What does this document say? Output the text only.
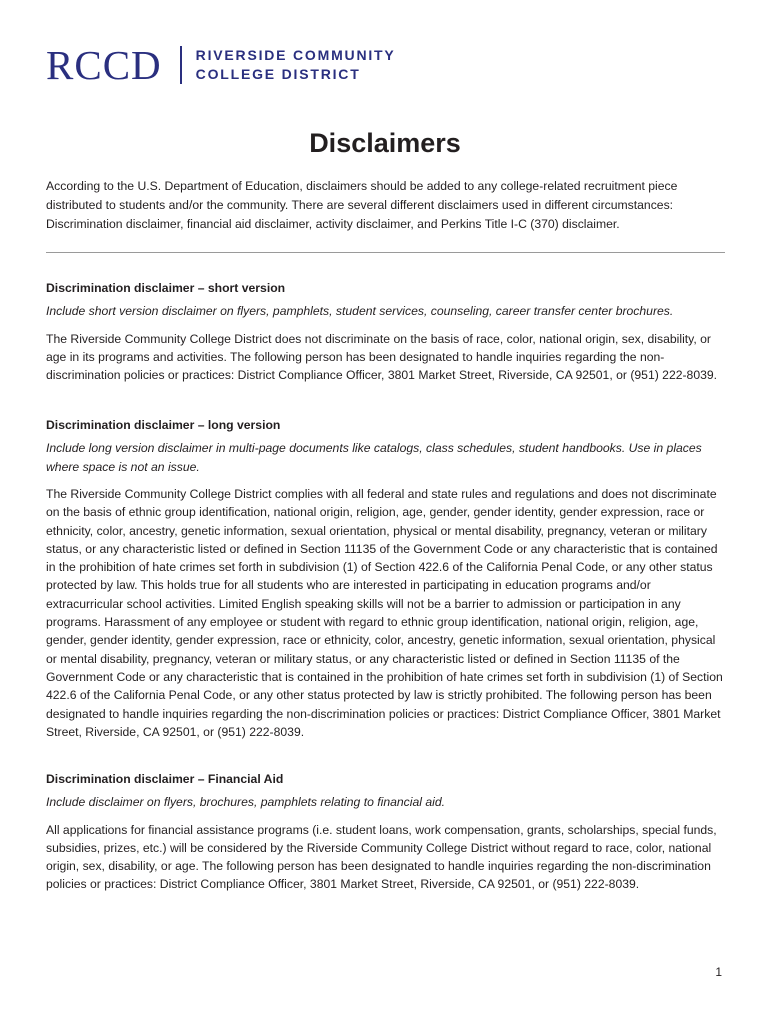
RCCD RIVERSIDE COMMUNITY
COLLEGE DISTRICT
Disclaimers

According to the U.S. Department of Education, disclaimers should be added to any college-related recruitment piece distributed to students and/or the community. There are several different disclaimers used in different circumstances: Discrimination disclaimer, financial aid disclaimer, activity disclaimer, and Perkins Title I-C (370) disclaimer.

Discrimination disclaimer – short version

Include short version disclaimer on flyers, pamphlets, student services, counseling, career transfer center brochures.

The Riverside Community College District does not discriminate on the basis of race, color, national origin, sex, disability, or age in its programs and activities. The following person has been designated to handle inquiries regarding the non-discrimination policies or practices: District Compliance Officer, 3801 Market Street, Riverside, CA 92501, or (951) 222-8039.

Discrimination disclaimer – long version

Include long version disclaimer in multi-page documents like catalogs, class schedules, student handbooks. Use in places where space is not an issue.

The Riverside Community College District complies with all federal and state rules and regulations and does not discriminate on the basis of ethnic group identification, national origin, religion, age, gender, gender identity, gender expression, race or ethnicity, color, ancestry, genetic information, sexual orientation, physical or mental disability, pregnancy, veteran or military status, or any characteristic listed or defined in Section 11135 of the Government Code or any characteristic that is contained in the prohibition of hate crimes set forth in subdivision (1) of Section 422.6 of the California Penal Code, or any other status protected by law. This holds true for all students who are interested in participating in education programs and/or extracurricular school activities. Limited English speaking skills will not be a barrier to admission or participation in any programs. Harassment of any employee or student with regard to ethnic group identification, national origin, religion, age, gender, gender identity, gender expression, race or ethnicity, color, ancestry, genetic information, sexual orientation, physical or mental disability, pregnancy, veteran or military status, or any characteristic listed or defined in Section 11135 of the Government Code or any characteristic that is contained in the prohibition of hate crimes set forth in subdivision (1) of Section 422.6 of the California Penal Code, or any other status protected by law is strictly prohibited. The following person has been designated to handle inquiries regarding the non-discrimination policies or practices: District Compliance Officer, 3801 Market Street, Riverside, CA 92501, or (951) 222-8039.

Discrimination disclaimer – Financial Aid

Include disclaimer on flyers, brochures, pamphlets relating to financial aid.

All applications for financial assistance programs (i.e. student loans, work compensation, grants, scholarships, special funds, subsidies, prizes, etc.) will be considered by the Riverside Community College District without regard to race, color, national origin, sex, disability, or age. The following person has been designated to handle inquiries regarding the non-discrimination policies or practices: District Compliance Officer, 3801 Market Street, Riverside, CA 92501, or (951) 222-8039.

1
